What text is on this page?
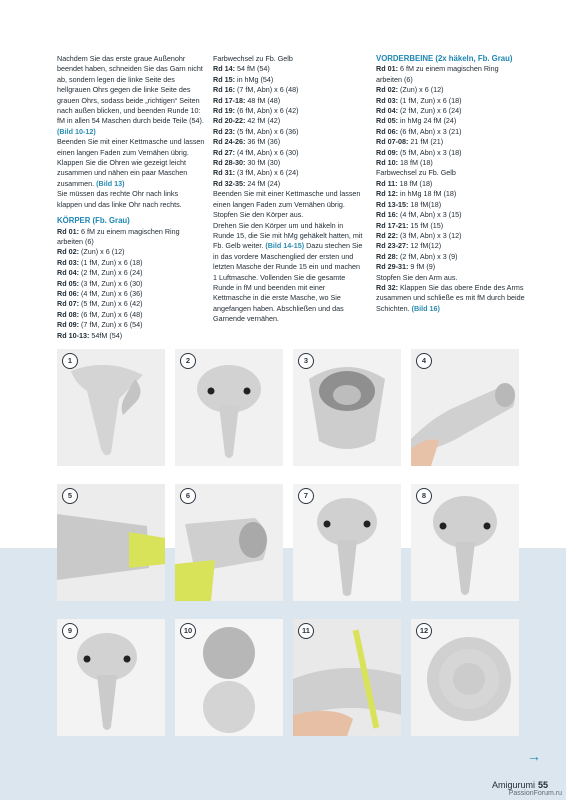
Nachdem Sie das erste graue Außenohr beendet haben, schneiden Sie das Garn nicht ab, sondern legen die linke Seite des hellgrauen Ohrs gegen die linke Seite des grauen Ohrs, sodass beide „richtigen“ Seiten nach außen blicken, und beenden Runde 10: fM in allen 54 Maschen durch beide Teile (54). (Bild 10-12)

Beenden Sie mit einer Kettmasche und lassen einen langen Faden zum Vernähen übrig. Klappen Sie die Ohren wie gezeigt leicht zusammen und nähen ein paar Maschen zusammen. (Bild 13)

Sie müssen das rechte Ohr nach links klappen und das linke Ohr nach rechts.

KÖRPER (Fb. Grau)

Rd 01: 6 fM zu einem magischen Ring arbeiten (6)

Rd 02: (Zun) x 6 (12)

Rd 03: (1 fM, Zun) x 6 (18)

Rd 04: (2 fM, Zun) x 6 (24)

Rd 05: (3 fM, Zun) x 6 (30)

Rd 06: (4 fM, Zun) x 6 (36)

Rd 07: (5 fM, Zun) x 6 (42)

Rd 08: (6 fM, Zun) x 6 (48)

Rd 09: (7 fM, Zun) x 6 (54)

Rd 10-13: 54fM (54)

Farbwechsel zu Fb. Gelb

Rd 14: 54 fM (54)

Rd 15: in hMg (54)

Rd 16: (7 fM, Abn) x 6 (48)

Rd 17-18: 48 fM (48)

Rd 19: (6 fM, Abn) x 6 (42)

Rd 20-22: 42 fM (42)

Rd 23: (5 fM, Abn) x 6 (36)

Rd 24-26: 36 fM (36)

Rd 27: (4 fM, Abn) x 6 (30)

Rd 28-30: 30 fM (30)

Rd 31: (3 fM, Abn) x 6 (24)

Rd 32-35: 24 fM (24)

Beenden Sie mit einer Kettmasche und lassen einen langen Faden zum Vernähen übrig. Stopfen Sie den Körper aus.

Drehen Sie den Körper um und häkeln in Runde 15, die Sie mit hMg gehäkelt hatten, mit Fb. Gelb weiter. (Bild 14-15) Dazu stechen Sie in das vordere Maschenglied der ersten und letzten Masche der Runde 15 ein und machen 1 Luftmasche. Vollenden Sie die gesamte Runde in fM und beenden mit einer Kettmasche in die erste Masche, wo Sie angefangen haben. Abschließen und das Garnende vernähen.

VORDERBEINE (2x häkeln, Fb. Grau)

Rd 01: 6 fM zu einem magischen Ring arbeiten (6)

Rd 02: (Zun) x 6 (12)

Rd 03: (1 fM, Zun) x 6 (18)

Rd 04: (2 fM, Zun) x 6 (24)

Rd 05: in hMg 24 fM (24)

Rd 06: (6 fM, Abn) x 3 (21)

Rd 07-08: 21 fM (21)

Rd 09: (5 fM, Abn) x 3 (18)

Rd 10: 18 fM (18)

Farbwechsel zu Fb. Gelb

Rd 11: 18 fM (18)

Rd 12: in hMg 18 fM (18)

Rd 13-15: 18 fM(18)

Rd 16: (4 fM, Abn) x 3 (15)

Rd 17-21: 15 fM (15)

Rd 22: (3 fM, Abn) x 3 (12)

Rd 23-27: 12 fM(12)

Rd 28: (2 fM, Abn) x 3 (9)

Rd 29-31: 9 fM (9)

Stopfen Sie den Arm aus.

Rd 32: Klappen Sie das obere Ende des Arms zusammen und schließe es mit fM durch beide Schichten. (Bild 16)

1	2	3	4
5	6	7	8
9	10	11	12
→
Amigurumi 55
PassionForum.ru
